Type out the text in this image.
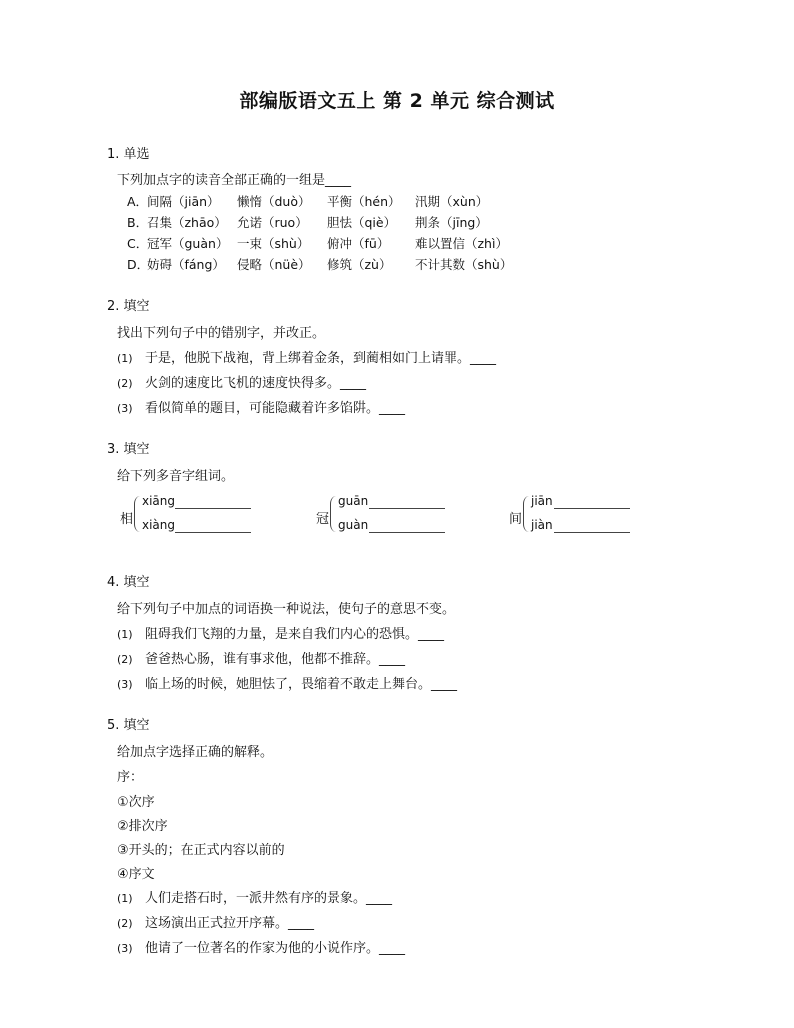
部编版语文五上 第 2 单元 综合测试
1. 单选
下列加点字的读音全部正确的一组是____
A．
间隔（jiān） 懒惰（duò） 平衡（hén） 汛期（xùn）
B．
召集（zhāo） 允诺（ruo） 胆怯（qiè） 荆条（jīng）
C．
冠军（guàn） 一束（shù） 俯冲（fū） 难以置信（zhì）
D．
妨碍（fáng） 侵略（nüè） 修筑（zù） 不计其数（shù）
2. 填空
找出下列句子中的错别字，并改正。
(1) 于是，他脱下战袍，背上绑着金条，到蔺相如门上请罪。____
(2) 火剑的速度比飞机的速度快得多。____
(3) 看似简单的题目，可能隐藏着许多馅阱。____
3. 填空
给下列多音字组词。
相
xiāng
xiàng	冠
guān
guàn	间
jiān
jiàn
4. 填空
给下列句子中加点的词语换一种说法，使句子的意思不变。
(1) 阻碍我们飞翔的力量，是来自我们内心的恐惧。____
(2) 爸爸热心肠，谁有事求他，他都不推辞。____
(3) 临上场的时候，她胆怯了，畏缩着不敢走上舞台。____
5. 填空
给加点字选择正确的解释。
序：
①次序
②排次序
③开头的；在正式内容以前的
④序文
(1) 人们走搭石时，一派井然有序的景象。____
(2) 这场演出正式拉开序幕。____
(3) 他请了一位著名的作家为他的小说作序。____
